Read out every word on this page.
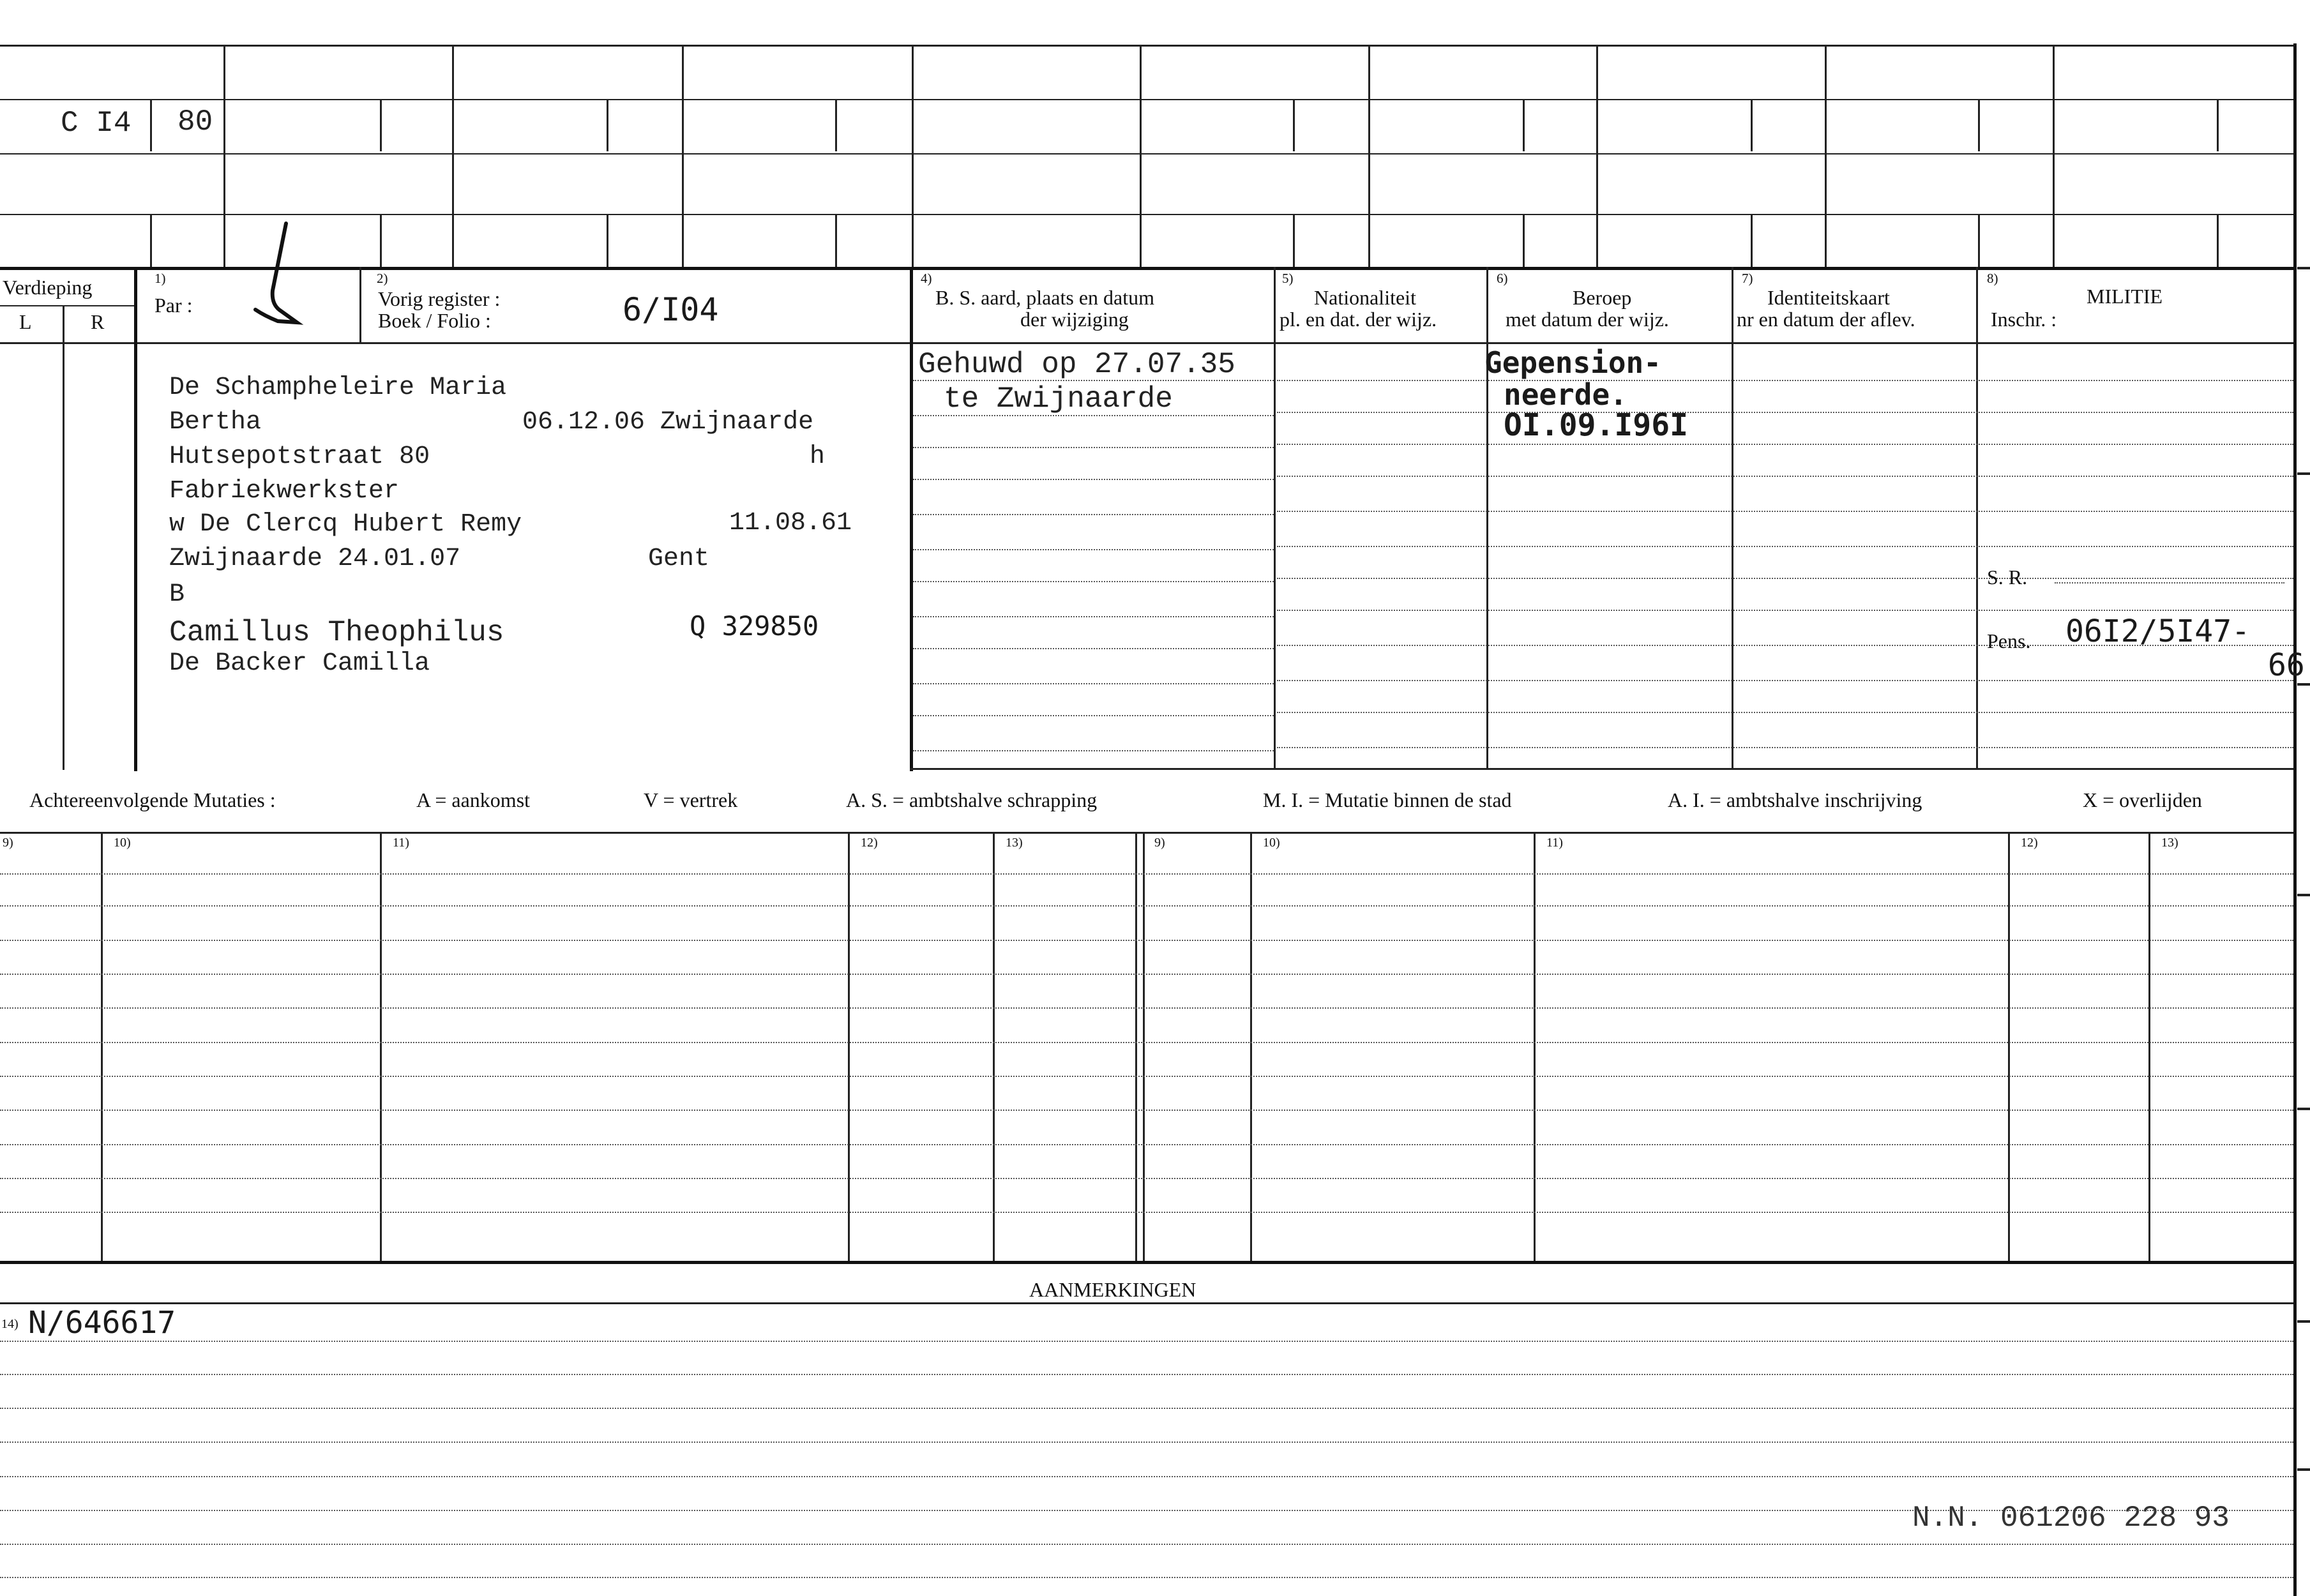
C I4 80
Verdieping
L	R
1)
Par :
2)
Vorig register :
Boek / Folio :	6/I04
4)
B. S. aard, plaats en datum
der wijziging
5)
Nationaliteit
pl. en dat. der wijz.
6)
Beroep
met datum der wijz.
7)
Identiteitskaart
nr en datum der aflev.
8)
MILITIE
Inschr. :
De Schampheleire Maria
Bertha	06.12.06 Zwijnaarde
Hutsepotstraat 80	h
Fabriekwerkster
w De Clercq Hubert Remy	11.08.61
Zwijnaarde 24.01.07	Gent
B
Camillus Theophilus	Q 329850
De Backer Camilla
Gehuwd op 27.07.35
te Zwijnaarde
Gepension-
neerde.
OI.09.I96I
S. R.
Pens. 06I2/5I47-
66
Achtereenvolgende Mutaties :	A = aankomst	V = vertrek	A. S. = ambtshalve schrapping	M. I. = Mutatie binnen de stad	A. I. = ambtshalve inschrijving	X = overlijden
9)	10)	11)	12)	13)	9)	10)	11)	12)	13)
AANMERKINGEN
14) N/646617
N.N. 061206 228 93
